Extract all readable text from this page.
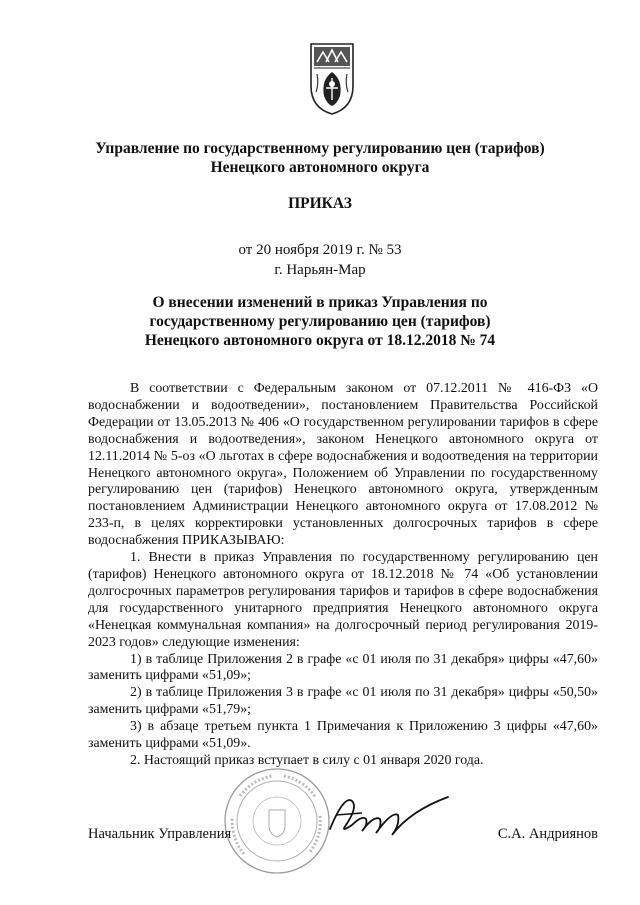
Управление по государственному регулированию цен (тарифов)
Ненецкого автономного округа
ПРИКАЗ
от 20 ноября 2019 г. № 53
г. Нарьян-Мар
О внесении изменений в приказ Управления по
государственному регулированию цен (тарифов)
Ненецкого автономного округа от 18.12.2018 № 74

В соответствии с Федеральным законом от 07.12.2011 № 416-ФЗ «О водоснабжении и водоотведении», постановлением Правительства Российской Федерации от 13.05.2013 № 406 «О государственном регулировании тарифов в сфере водоснабжения и водоотведения», законом Ненецкого автономного округа от 12.11.2014 № 5-оз «О льготах в сфере водоснабжения и водоотведения на территории Ненецкого автономного округа», Положением об Управлении по государственному регулированию цен (тарифов) Ненецкого автономного округа, утвержденным постановлением Администрации Ненецкого автономного округа от 17.08.2012 № 233-п, в целях корректировки установленных долгосрочных тарифов в сфере водоснабжения ПРИКАЗЫВАЮ:

1. Внести в приказ Управления по государственному регулированию цен (тарифов) Ненецкого автономного округа от 18.12.2018 № 74 «Об установлении долгосрочных параметров регулирования тарифов и тарифов в сфере водоснабжения для государственного унитарного предприятия Ненецкого автономного округа «Ненецкая коммунальная компания» на долгосрочный период регулирования 2019-2023 годов» следующие изменения:

1) в таблице Приложения 2 в графе «с 01 июля по 31 декабря» цифры «47,60» заменить цифрами «51,09»;

2) в таблице Приложения 3 в графе «с 01 июля по 31 декабря» цифры «50,50» заменить цифрами «51,79»;

3) в абзаце третьем пункта 1 Примечания к Приложению 3 цифры «47,60» заменить цифрами «51,09».

2. Настоящий приказ вступает в силу с 01 января 2020 года.

Начальник Управления	С.А. Андриянов
